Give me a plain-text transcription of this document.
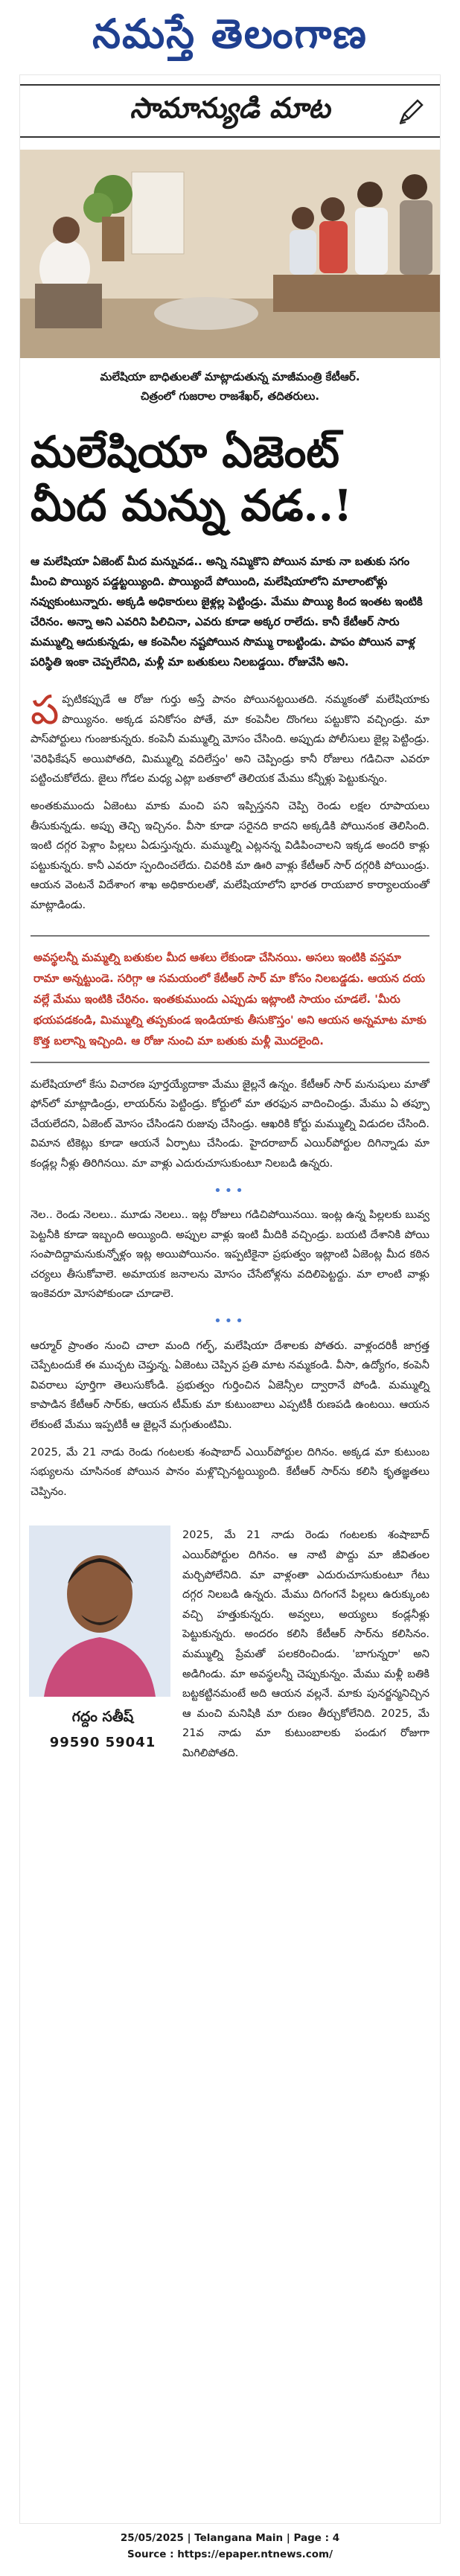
నమస్తే తెలంగాణ
సామాన్యుడి మాట
మలేషియా బాధితులతో మాట్లాడుతున్న మాజీమంత్రి కేటీఆర్.
చిత్రంలో గుజరాల రాజశేఖర్, తదితరులు.
మలేషియా ఏజెంట్
మీద మన్ను వడ..!
ఆ మలేషియా ఏజెంట్ మీద మన్నువడ.. అన్ని నమ్మికొని పోయిన మాకు నా బతుకు సగం మీంచి పొయ్యిన పడ్డట్టయ్యింది. పొయ్యిందే పోయింది, మలేషియాలోని మాలాంటోళ్లు నవ్వుకుంటున్నారు. అక్కడి అధికారులు జైళ్లల్ల పెట్టిండ్రు. మేము పొయ్యి కింద ఇంతట ఇంటికి చేరినం. అన్నా అని ఎవరిని పిలిచినా, ఎవరు కూడా అక్కర రాలేదు. కానీ కేటీఆర్ సారు మమ్ముల్ని ఆదుకున్నడు, ఆ కంపెనీల నష్టపోయిన సొమ్ము రాబట్టిండు. పాపం పోయిన వాళ్ల పరిస్థితి ఇంకా చెప్పలేనిది, మళ్లీ మా బతుకులు నిలబడ్డయి. రోజువేసి అని.

ప ప్పటికప్పుడే ఆ రోజు గుర్తు అస్తే పానం పోయినట్టయితది. నమ్మకంతో మలేషియాకు పొయ్యినం. అక్కడ పనికోసం పోతే, మా కంపెనీల దొంగలు పట్టుకొని వచ్చిండ్రు. మా పాస్‌పోర్టులు గుంజుకున్నరు. కంపెనీ మమ్ముల్ని మోసం చేసింది. అప్పుడు పోలీసులు జైల్ల పెట్టిండ్రు. 'వెరిఫికేషన్ అయిపోతది, మిమ్ముల్ని వదిలేస్తం' అని చెప్పిండ్రు కానీ రోజులు గడిచినా ఎవరూ పట్టించుకోలేదు. జైలు గోడల మధ్య ఎట్లా బతకాలో తెలియక మేము కన్నీళ్లు పెట్టుకున్నం.

అంతకుముందు ఏజెంటు మాకు మంచి పని ఇప్పిస్తనని చెప్పి రెండు లక్షల రూపాయలు తీసుకున్నడు. అప్పు తెచ్చి ఇచ్చినం. వీసా కూడా సరైనది కాదని అక్కడికి పోయినంక తెలిసింది. ఇంటి దగ్గర పెళ్లాం పిల్లలు ఏడుస్తున్నరు. మమ్ముల్ని ఎట్లనన్న విడిపించాలని ఇక్కడ అందరి కాళ్లు పట్టుకున్నరు. కానీ ఎవరూ స్పందించలేదు. చివరికి మా ఊరి వాళ్లు కేటీఆర్ సార్ దగ్గరికి పోయిండ్రు. ఆయన వెంటనే విదేశాంగ శాఖ అధికారులతో, మలేషియాలోని భారత రాయబార కార్యాలయంతో మాట్లాడిండు.

అవస్థలన్నీ మమ్మల్ని బతుకుల మీద ఆశలు లేకుండా చేసినయి. అసలు ఇంటికి వస్తమా రామా అన్నట్టుండె. సరిగ్గా ఆ సమయంలో కేటీఆర్ సార్ మా కోసం నిలబడ్డడు. ఆయన దయ వల్లే మేము ఇంటికి చేరినం. ఇంతకుముందు ఎప్పుడు ఇట్లాంటి సాయం చూడలే. 'మీరు భయపడకండి, మిమ్ముల్ని తప్పకుండ ఇండియాకు తీసుకొస్తం' అని ఆయన అన్నమాట మాకు కొత్త బలాన్ని ఇచ్చింది. ఆ రోజు నుంచి మా బతుకు మళ్లీ మొదలైంది.

మలేషియాలో కేసు విచారణ పూర్తయ్యేదాకా మేము జైల్లనే ఉన్నం. కేటీఆర్ సార్ మనుషులు మాతో ఫోన్‌లో మాట్లాడిండ్రు, లాయర్‌ను పెట్టిండ్రు. కోర్టులో మా తరఫున వాదించిండ్రు. మేము ఏ తప్పూ చేయలేదని, ఏజెంట్ మోసం చేసిండని రుజువు చేసిండ్రు. ఆఖరికి కోర్టు మమ్ముల్ని విడుదల చేసింది. విమాన టికెట్లు కూడా ఆయనే ఏర్పాటు చేసిండు. హైదరాబాద్ ఎయిర్‌పోర్టుల దిగిన్నాడు మా కండ్లల్ల నీళ్లు తిరిగినయి. మా వాళ్లు ఎదురుచూసుకుంటూ నిలబడి ఉన్నరు.

•••

నెల.. రెండు నెలలు.. మూడు నెలలు.. ఇట్ల రోజులు గడిచిపోయినయి. ఇంట్ల ఉన్న పిల్లలకు బువ్వ పెట్టనీకి కూడా ఇబ్బంది అయ్యింది. అప్పుల వాళ్లు ఇంటి మీదికి వచ్చిండ్రు. బయటి దేశానికి పోయి సంపాదిద్దామనుకున్నోళ్లం ఇట్ల అయిపోయినం. ఇప్పటికైనా ప్రభుత్వం ఇట్లాంటి ఏజెంట్ల మీద కఠిన చర్యలు తీసుకోవాలె. అమాయక జనాలను మోసం చేసేటోళ్లను వదిలిపెట్టద్దు. మా లాంటి వాళ్లు ఇంకెవరూ మోసపోకుండా చూడాలె.

•••

ఆర్మూర్ ప్రాంతం నుంచి చాలా మంది గల్ఫ్, మలేషియా దేశాలకు పోతరు. వాళ్లందరికీ జాగ్రత్త చెప్పేటందుకే ఈ ముచ్చట చెప్తున్న. ఏజెంటు చెప్పిన ప్రతి మాట నమ్మకండి. వీసా, ఉద్యోగం, కంపెనీ వివరాలు పూర్తిగా తెలుసుకోండి. ప్రభుత్వం గుర్తించిన ఏజెన్సీల ద్వారానే పోండి. మమ్ముల్ని కాపాడిన కేటీఆర్ సార్‌కు, ఆయన టీమ్‌కు మా కుటుంబాలు ఎప్పటికీ రుణపడి ఉంటయి. ఆయన లేకుంటే మేము ఇప్పటికీ ఆ జైల్లనే మగ్గుతుంటిమి.

2025, మే 21 నాడు రెండు గంటలకు శంషాబాద్ ఎయిర్‌పోర్టుల దిగినం. అక్కడ మా కుటుంబ సభ్యులను చూసినంక పోయిన పానం మళ్లొచ్చినట్టయ్యింది. కేటీఆర్ సార్‌ను కలిసి కృతజ్ఞతలు చెప్పినం.

గద్దం సతీష్
99590 59041
2025, మే 21 నాడు రెండు గంటలకు శంషాబాద్ ఎయిర్‌పోర్టుల దిగినం. ఆ నాటి పొద్దు మా జీవితంల మర్చిపోలేనిది. మా వాళ్లంతా ఎదురుచూసుకుంటూ గేటు దగ్గర నిలబడి ఉన్నరు. మేము దిగంగనే పిల్లలు ఉరుక్కుంట వచ్చి హత్తుకున్నరు. అవ్వలు, అయ్యలు కండ్లనీళ్లు పెట్టుకున్నరు. అందరం కలిసి కేటీఆర్ సార్‌ను కలిసినం. మమ్ముల్ని ప్రేమతో పలకరించిండు. 'బాగున్నరా' అని అడిగిండు. మా అవస్థలన్నీ చెప్పుకున్నం. మేము మళ్లీ బతికి బట్టకట్టినమంటే అది ఆయన వల్లనే. మాకు పునర్జన్మనిచ్చిన ఆ మంచి మనిషికి మా రుణం తీర్చుకోలేనిది. 2025, మే 21వ నాడు మా కుటుంబాలకు పండుగ రోజుగా మిగిలిపోతది.
25/05/2025 | Telangana Main | Page : 4
Source : https://epaper.ntnews.com/
